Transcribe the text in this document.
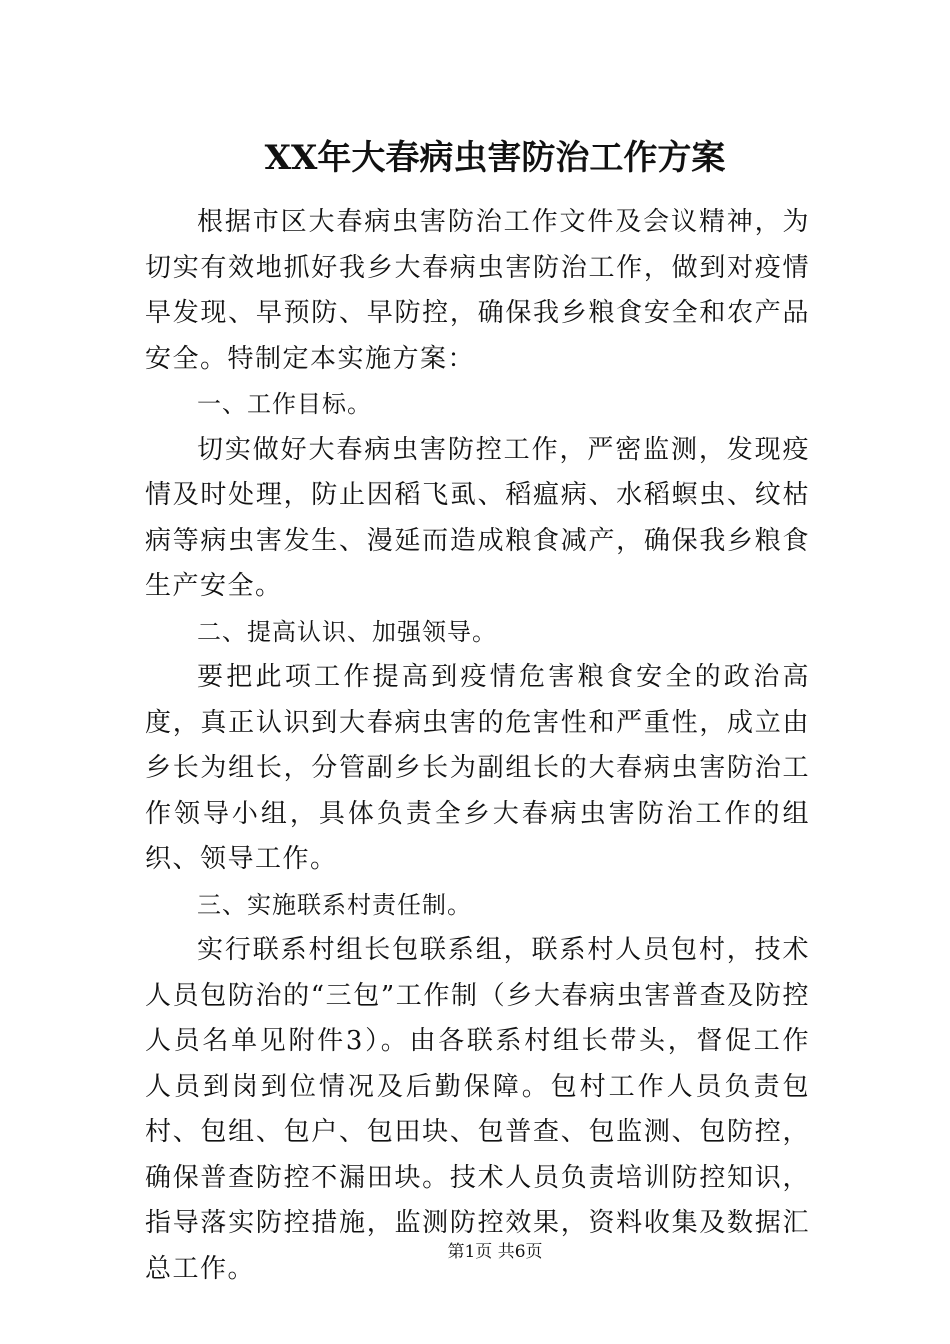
XX年大春病虫害防治工作方案

根据市区大春病虫害防治工作文件及会议精神，为切实有效地抓好我乡大春病虫害防治工作，做到对疫情早发现、早预防、早防控，确保我乡粮食安全和农产品安全。特制定本实施方案：

一、工作目标。

切实做好大春病虫害防控工作，严密监测，发现疫情及时处理，防止因稻飞虱、稻瘟病、水稻螟虫、纹枯病等病虫害发生、漫延而造成粮食减产，确保我乡粮食生产安全。

二、提高认识、加强领导。

要把此项工作提高到疫情危害粮食安全的政治高度，真正认识到大春病虫害的危害性和严重性，成立由乡长为组长，分管副乡长为副组长的大春病虫害防治工作领导小组，具体负责全乡大春病虫害防治工作的组织、领导工作。

三、实施联系村责任制。

实行联系村组长包联系组，联系村人员包村，技术人员包防治的“三包”工作制（乡大春病虫害普查及防控人员名单见附件3）。由各联系村组长带头，督促工作人员到岗到位情况及后勤保障。包村工作人员负责包村、包组、包户、包田块、包普查、包监测、包防控，确保普查防控不漏田块。技术人员负责培训防控知识，指导落实防控措施，监测防控效果，资料收集及数据汇总工作。

第1页 共6页
